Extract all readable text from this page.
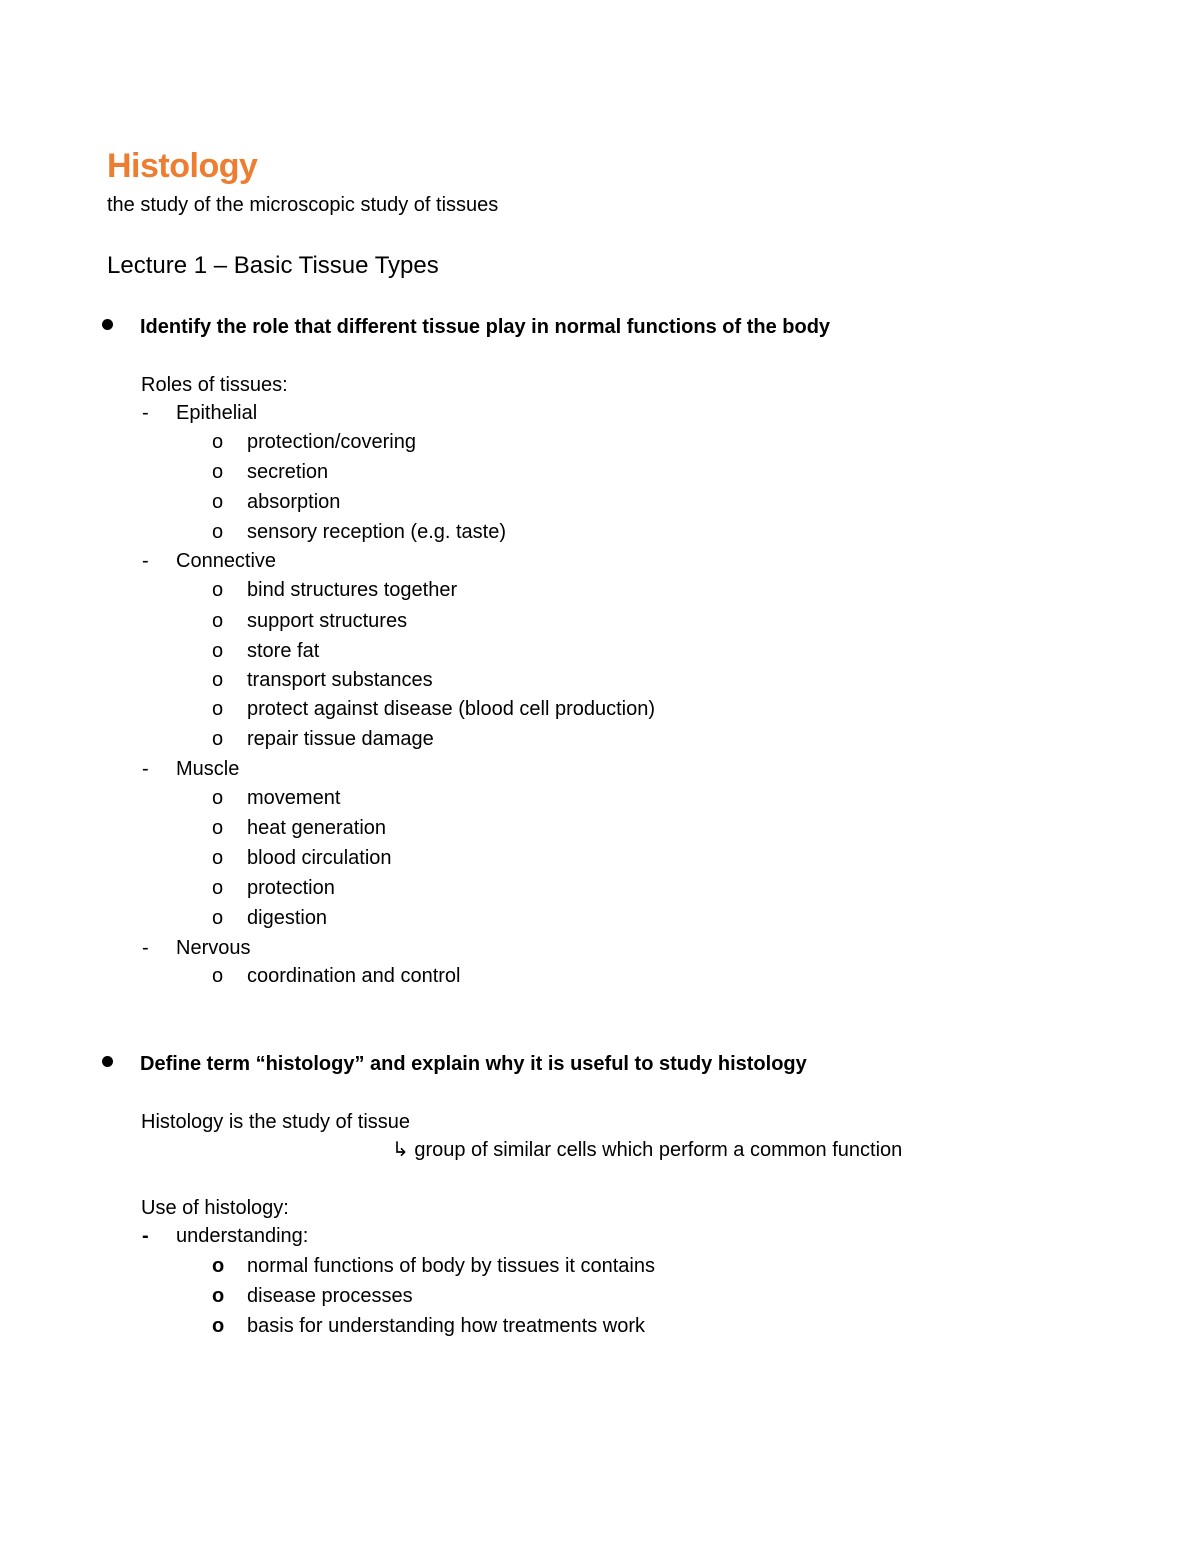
Histology
the study of the microscopic study of tissues
Lecture 1 – Basic Tissue Types
Identify the role that different tissue play in normal functions of the body
Roles of tissues:
- Epithelial
o protection/covering
o secretion
o absorption
o sensory reception (e.g. taste)
- Connective
o bind structures together
o support structures
o store fat
o transport substances
o protect against disease (blood cell production)
o repair tissue damage
- Muscle
o movement
o heat generation
o blood circulation
o protection
o digestion
- Nervous
o coordination and control
Define term “histology” and explain why it is useful to study histology
Histology is the study of tissue
↳ group of similar cells which perform a common function
Use of histology:
- understanding:
o normal functions of body by tissues it contains
o disease processes
o basis for understanding how treatments work
